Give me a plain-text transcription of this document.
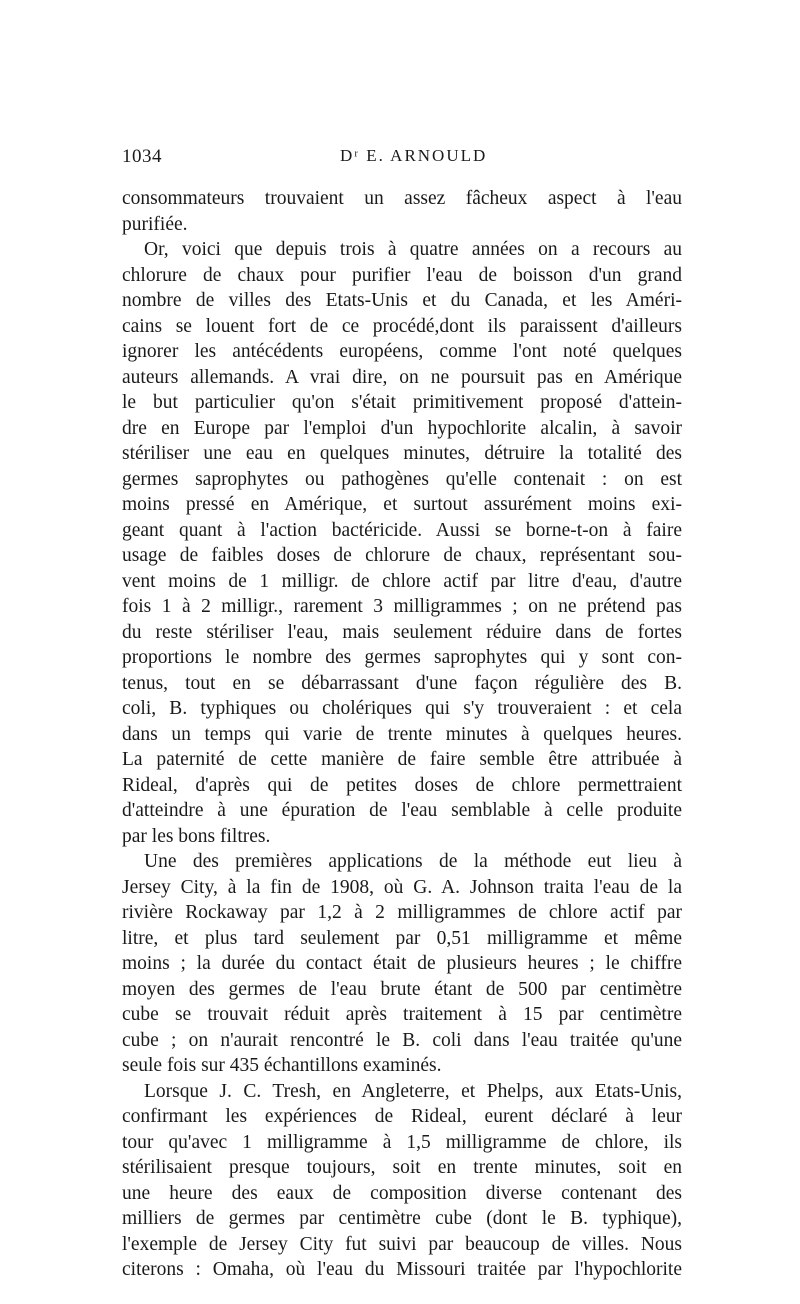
1034	Dʳ E. ARNOULD
consommateurs trouvaient un assez fâcheux aspect à l'eau
purifiée.
Or, voici que depuis trois à quatre années on a recours au
chlorure de chaux pour purifier l'eau de boisson d'un grand
nombre de villes des Etats-Unis et du Canada, et les Améri-
cains se louent fort de ce procédé,dont ils paraissent d'ailleurs
ignorer les antécédents européens, comme l'ont noté quelques
auteurs allemands. A vrai dire, on ne poursuit pas en Amérique
le but particulier qu'on s'était primitivement proposé d'attein-
dre en Europe par l'emploi d'un hypochlorite alcalin, à savoir
stériliser une eau en quelques minutes, détruire la totalité des
germes saprophytes ou pathogènes qu'elle contenait : on est
moins pressé en Amérique, et surtout assurément moins exi-
geant quant à l'action bactéricide. Aussi se borne-t-on à faire
usage de faibles doses de chlorure de chaux, représentant sou-
vent moins de 1 milligr. de chlore actif par litre d'eau, d'autre
fois 1 à 2 milligr., rarement 3 milligrammes ; on ne prétend pas
du reste stériliser l'eau, mais seulement réduire dans de fortes
proportions le nombre des germes saprophytes qui y sont con-
tenus, tout en se débarrassant d'une façon régulière des B.
coli, B. typhiques ou cholériques qui s'y trouveraient : et cela
dans un temps qui varie de trente minutes à quelques heures.
La paternité de cette manière de faire semble être attribuée à
Rideal, d'après qui de petites doses de chlore permettraient
d'atteindre à une épuration de l'eau semblable à celle produite
par les bons filtres.
Une des premières applications de la méthode eut lieu à
Jersey City, à la fin de 1908, où G. A. Johnson traita l'eau de la
rivière Rockaway par 1,2 à 2 milligrammes de chlore actif par
litre, et plus tard seulement par 0,51 milligramme et même
moins ; la durée du contact était de plusieurs heures ; le chiffre
moyen des germes de l'eau brute étant de 500 par centimètre
cube se trouvait réduit après traitement à 15 par centimètre
cube ; on n'aurait rencontré le B. coli dans l'eau traitée qu'une
seule fois sur 435 échantillons examinés.
Lorsque J. C. Tresh, en Angleterre, et Phelps, aux Etats-Unis,
confirmant les expériences de Rideal, eurent déclaré à leur
tour qu'avec 1 milligramme à 1,5 milligramme de chlore, ils
stérilisaient presque toujours, soit en trente minutes, soit en
une heure des eaux de composition diverse contenant des
milliers de germes par centimètre cube (dont le B. typhique),
l'exemple de Jersey City fut suivi par beaucoup de villes. Nous
citerons : Omaha, où l'eau du Missouri traitée par l'hypochlorite
